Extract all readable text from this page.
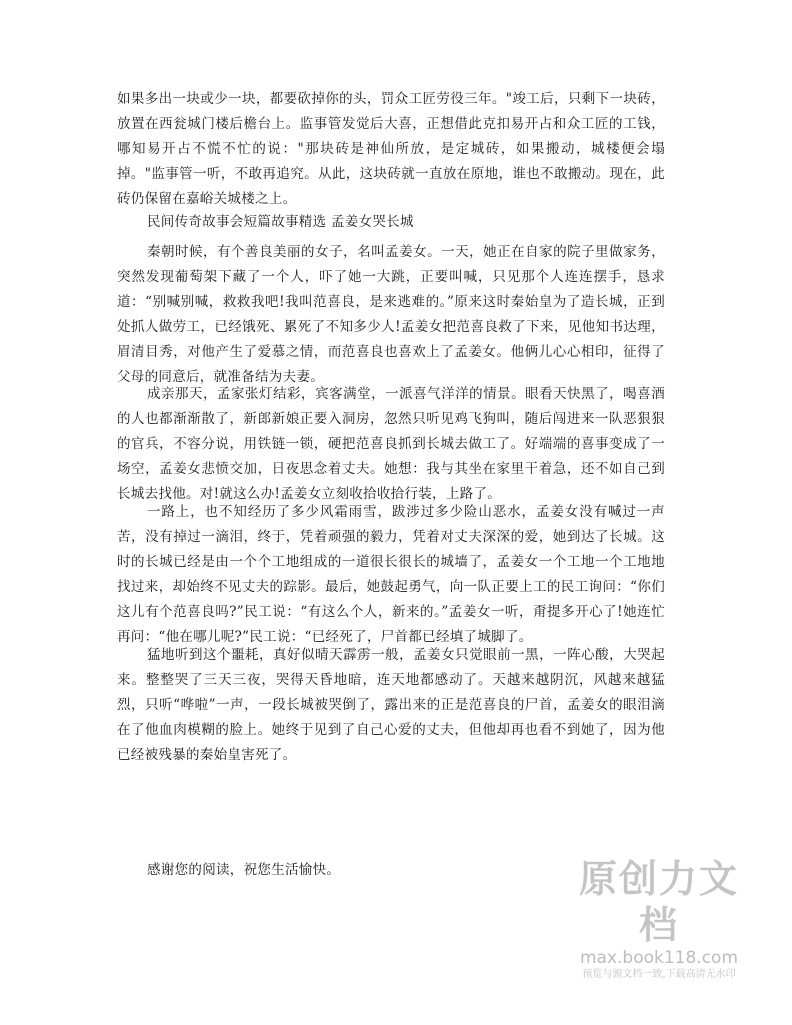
如果多出一块或少一块，都要砍掉你的头，罚众工匠劳役三年。"竣工后，只剩下一块砖，放置在西瓮城门楼后檐台上。监事管发觉后大喜，正想借此克扣易开占和众工匠的工钱，哪知易开占不慌不忙的说："那块砖是神仙所放，是定城砖，如果搬动，城楼便会塌掉。"监事管一听，不敢再追究。从此，这块砖就一直放在原地，谁也不敢搬动。现在，此砖仍保留在嘉峪关城楼之上。

民间传奇故事会短篇故事精选 孟姜女哭长城

秦朝时候，有个善良美丽的女子，名叫孟姜女。一天，她正在自家的院子里做家务，突然发现葡萄架下藏了一个人，吓了她一大跳，正要叫喊，只见那个人连连摆手，恳求道：“别喊别喊，救救我吧!我叫范喜良，是来逃难的。”原来这时秦始皇为了造长城，正到处抓人做劳工，已经饿死、累死了不知多少人!孟姜女把范喜良救了下来，见他知书达理，眉清目秀，对他产生了爱慕之情，而范喜良也喜欢上了孟姜女。他俩儿心心相印，征得了父母的同意后，就准备结为夫妻。

成亲那天，孟家张灯结彩，宾客满堂，一派喜气洋洋的情景。眼看天快黑了，喝喜酒的人也都渐渐散了，新郎新娘正要入洞房，忽然只听见鸡飞狗叫，随后闯进来一队恶狠狠的官兵，不容分说，用铁链一锁，硬把范喜良抓到长城去做工了。好端端的喜事变成了一场空，孟姜女悲愤交加，日夜思念着丈夫。她想：我与其坐在家里干着急，还不如自己到长城去找他。对!就这么办!孟姜女立刻收拾收拾行装，上路了。

一路上，也不知经历了多少风霜雨雪，跋涉过多少险山恶水，孟姜女没有喊过一声苦，没有掉过一滴泪，终于，凭着顽强的毅力，凭着对丈夫深深的爱，她到达了长城。这时的长城已经是由一个个工地组成的一道很长很长的城墙了，孟姜女一个工地一个工地地找过来，却始终不见丈夫的踪影。最后，她鼓起勇气，向一队正要上工的民工询问：“你们这儿有个范喜良吗?”民工说：“有这么个人，新来的。”孟姜女一听，甭提多开心了!她连忙再问：“他在哪儿呢?”民工说：“已经死了，尸首都已经填了城脚了。

猛地听到这个噩耗，真好似晴天霹雳一般，孟姜女只觉眼前一黑，一阵心酸，大哭起来。整整哭了三天三夜，哭得天昏地暗，连天地都感动了。天越来越阴沉，风越来越猛烈，只听“哗啦”一声，一段长城被哭倒了，露出来的正是范喜良的尸首，孟姜女的眼泪滴在了他血肉模糊的脸上。她终于见到了自己心爱的丈夫，但他却再也看不到她了，因为他已经被残暴的秦始皇害死了。

感谢您的阅读，祝您生活愉快。	原创力文档
max.book118.com
预览与源文档一致,下载高清无水印
